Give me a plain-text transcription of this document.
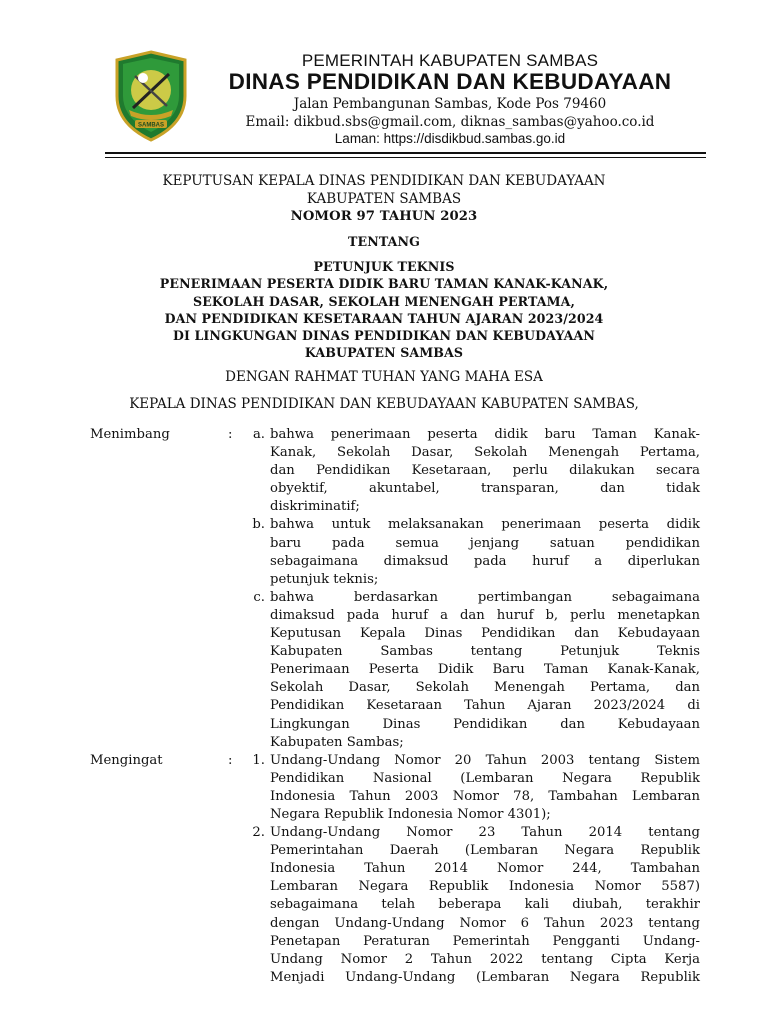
SAMBAS
PEMERINTAH KABUPATEN SAMBAS
DINAS PENDIDIKAN DAN KEBUDAYAAN
Jalan Pembangunan Sambas, Kode Pos 79460
Email: dikbud.sbs@gmail.com, diknas_sambas@yahoo.co.id
Laman: https://disdikbud.sambas.go.id
KEPUTUSAN KEPALA DINAS PENDIDIKAN DAN KEBUDAYAAN
KABUPATEN SAMBAS
NOMOR 97 TAHUN 2023
TENTANG
PETUNJUK TEKNIS
PENERIMAAN PESERTA DIDIK BARU TAMAN KANAK-KANAK,
SEKOLAH DASAR, SEKOLAH MENENGAH PERTAMA,
DAN PENDIDIKAN KESETARAAN TAHUN AJARAN 2023/2024
DI LINGKUNGAN DINAS PENDIDIKAN DAN KEBUDAYAAN
KABUPATEN SAMBAS
DENGAN RAHMAT TUHAN YANG MAHA ESA
KEPALA DINAS PENDIDIKAN DAN KEBUDAYAAN KABUPATEN SAMBAS,
Menimbang	:	a. bahwa penerimaan peserta didik baru Taman Kanak-
Kanak, Sekolah Dasar, Sekolah Menengah Pertama,
dan Pendidikan Kesetaraan, perlu dilakukan secara
obyektif, akuntabel, transparan, dan tidak
diskriminatif;
b. bahwa untuk melaksanakan penerimaan peserta didik
baru pada semua jenjang satuan pendidikan
sebagaimana dimaksud pada huruf a diperlukan
petunjuk teknis;
c. bahwa berdasarkan pertimbangan sebagaimana
dimaksud pada huruf a dan huruf b, perlu menetapkan
Keputusan Kepala Dinas Pendidikan dan Kebudayaan
Kabupaten Sambas tentang Petunjuk Teknis
Penerimaan Peserta Didik Baru Taman Kanak-Kanak,
Sekolah Dasar, Sekolah Menengah Pertama, dan
Pendidikan Kesetaraan Tahun Ajaran 2023/2024 di
Lingkungan Dinas Pendidikan dan Kebudayaan
Kabupaten Sambas;
Mengingat	:	1. Undang-Undang Nomor 20 Tahun 2003 tentang Sistem
Pendidikan Nasional (Lembaran Negara Republik
Indonesia Tahun 2003 Nomor 78, Tambahan Lembaran
Negara Republik Indonesia Nomor 4301);
2. Undang-Undang Nomor 23 Tahun 2014 tentang
Pemerintahan Daerah (Lembaran Negara Republik
Indonesia Tahun 2014 Nomor 244, Tambahan
Lembaran Negara Republik Indonesia Nomor 5587)
sebagaimana telah beberapa kali diubah, terakhir
dengan Undang-Undang Nomor 6 Tahun 2023 tentang
Penetapan Peraturan Pemerintah Pengganti Undang-
Undang Nomor 2 Tahun 2022 tentang Cipta Kerja
Menjadi Undang-Undang (Lembaran Negara Republik
